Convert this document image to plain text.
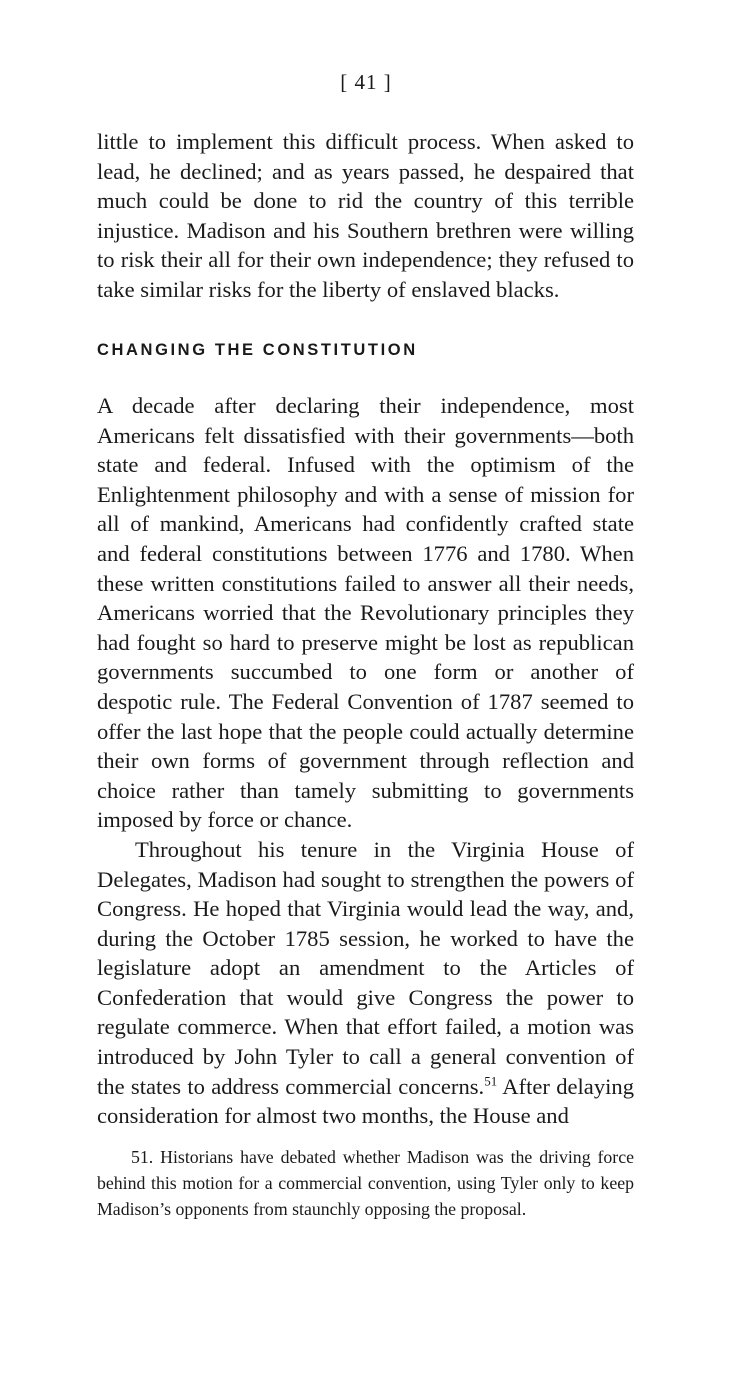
[ 41 ]

little to implement this difficult process. When asked to lead, he declined; and as years passed, he despaired that much could be done to rid the country of this terrible injustice. Madison and his Southern brethren were willing to risk their all for their own independence; they refused to take similar risks for the liberty of enslaved blacks.

CHANGING THE CONSTITUTION

A decade after declaring their independence, most Americans felt dissatisfied with their governments—both state and federal. Infused with the optimism of the Enlightenment philosophy and with a sense of mission for all of mankind, Americans had confidently crafted state and federal constitutions between 1776 and 1780. When these written constitutions failed to answer all their needs, Americans worried that the Revolutionary principles they had fought so hard to preserve might be lost as republican governments succumbed to one form or another of despotic rule. The Federal Convention of 1787 seemed to offer the last hope that the people could actually determine their own forms of government through reflection and choice rather than tamely submitting to governments imposed by force or chance.

Throughout his tenure in the Virginia House of Delegates, Madison had sought to strengthen the powers of Congress. He hoped that Virginia would lead the way, and, during the October 1785 session, he worked to have the legislature adopt an amendment to the Articles of Confederation that would give Congress the power to regulate commerce. When that effort failed, a motion was introduced by John Tyler to call a general convention of the states to address commercial concerns.$^{51}$ After delaying consideration for almost two months, the House and

51. Historians have debated whether Madison was the driving force behind this motion for a commercial convention, using Tyler only to keep Madison’s opponents from staunchly opposing the proposal.
